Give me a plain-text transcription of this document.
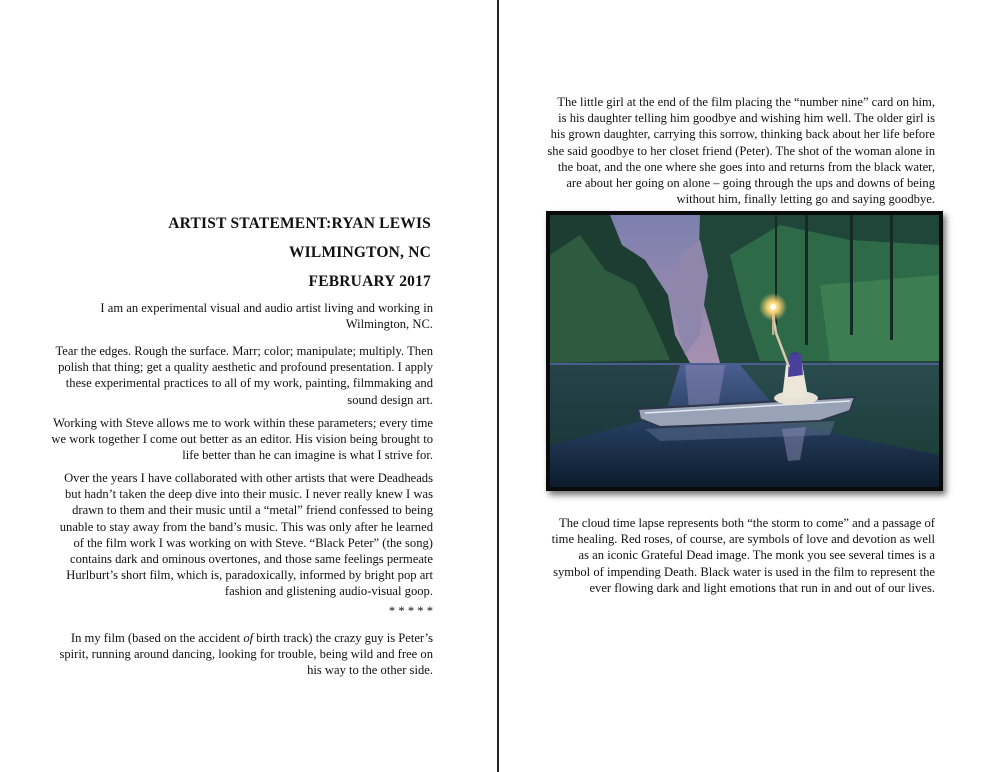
ARTIST STATEMENT:RYAN LEWIS
WILMINGTON, NC
FEBRUARY 2017

I am an experimental visual and audio artist living and working in Wilmington, NC.

Tear the edges. Rough the surface. Marr; color; manipulate; multiply. Then polish that thing; get a quality aesthetic and profound presentation. I apply these experimental practices to all of my work, painting, filmmaking and sound design art.

Working with Steve allows me to work within these parameters; every time we work together I come out better as an editor. His vision being brought to life better than he can imagine is what I strive for.

Over the years I have collaborated with other artists that were Deadheads but hadn’t taken the deep dive into their music. I never really knew I was drawn to them and their music until a “metal” friend confessed to being unable to stay away from the band’s music. This was only after he learned of the film work I was working on with Steve. “Black Peter” (the song) contains dark and ominous overtones, and those same feelings permeate Hurlburt’s short film, which is, paradoxically, informed by bright pop art fashion and glistening audio-visual goop.

* * * * *

In my film (based on the accident of birth track) the crazy guy is Peter’s spirit, running around dancing, looking for trouble, being wild and free on his way to the other side.

The little girl at the end of the film placing the “number nine” card on him, is his daughter telling him goodbye and wishing him well. The older girl is his grown daughter, carrying this sorrow, thinking back about her life before she said goodbye to her closet friend (Peter). The shot of the woman alone in the boat, and the one where she goes into and returns from the black water, are about her going on alone – going through the ups and downs of being without him, finally letting go and saying goodbye.

The cloud time lapse represents both “the storm to come” and a passage of time healing. Red roses, of course, are symbols of love and devotion as well as an iconic Grateful Dead image. The monk you see several times is a symbol of impending Death. Black water is used in the film to represent the ever flowing dark and light emotions that run in and out of our lives.
